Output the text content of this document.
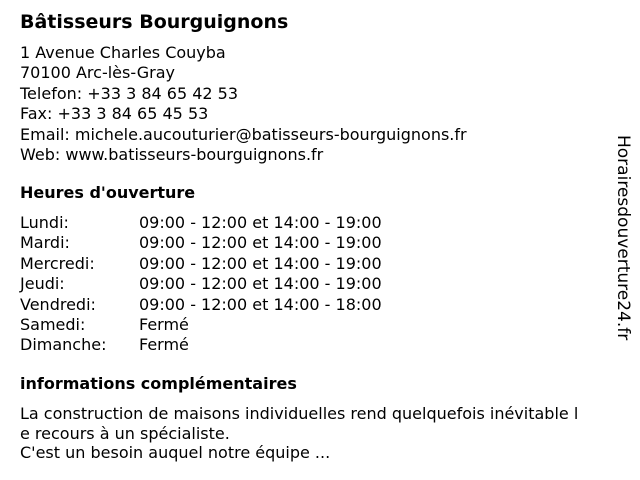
Bâtisseurs Bourguignons
1 Avenue Charles Couyba
70100 Arc-lès-Gray
Telefon: +33 3 84 65 42 53
Fax: +33 3 84 65 45 53
Email: michele.aucouturier@batisseurs-bourguignons.fr
Web: www.batisseurs-bourguignons.fr
Heures d'ouverture
Lundi:	09:00 - 12:00 et 14:00 - 19:00
Mardi:	09:00 - 12:00 et 14:00 - 19:00
Mercredi:	09:00 - 12:00 et 14:00 - 19:00
Jeudi:	09:00 - 12:00 et 14:00 - 19:00
Vendredi:	09:00 - 12:00 et 14:00 - 18:00
Samedi:	Fermé
Dimanche: Fermé
informations complémentaires
La construction de maisons individuelles rend quelquefois inévitable l
e recours à un spécialiste.
C'est un besoin auquel notre équipe ...
Horairesdouverture24.fr
